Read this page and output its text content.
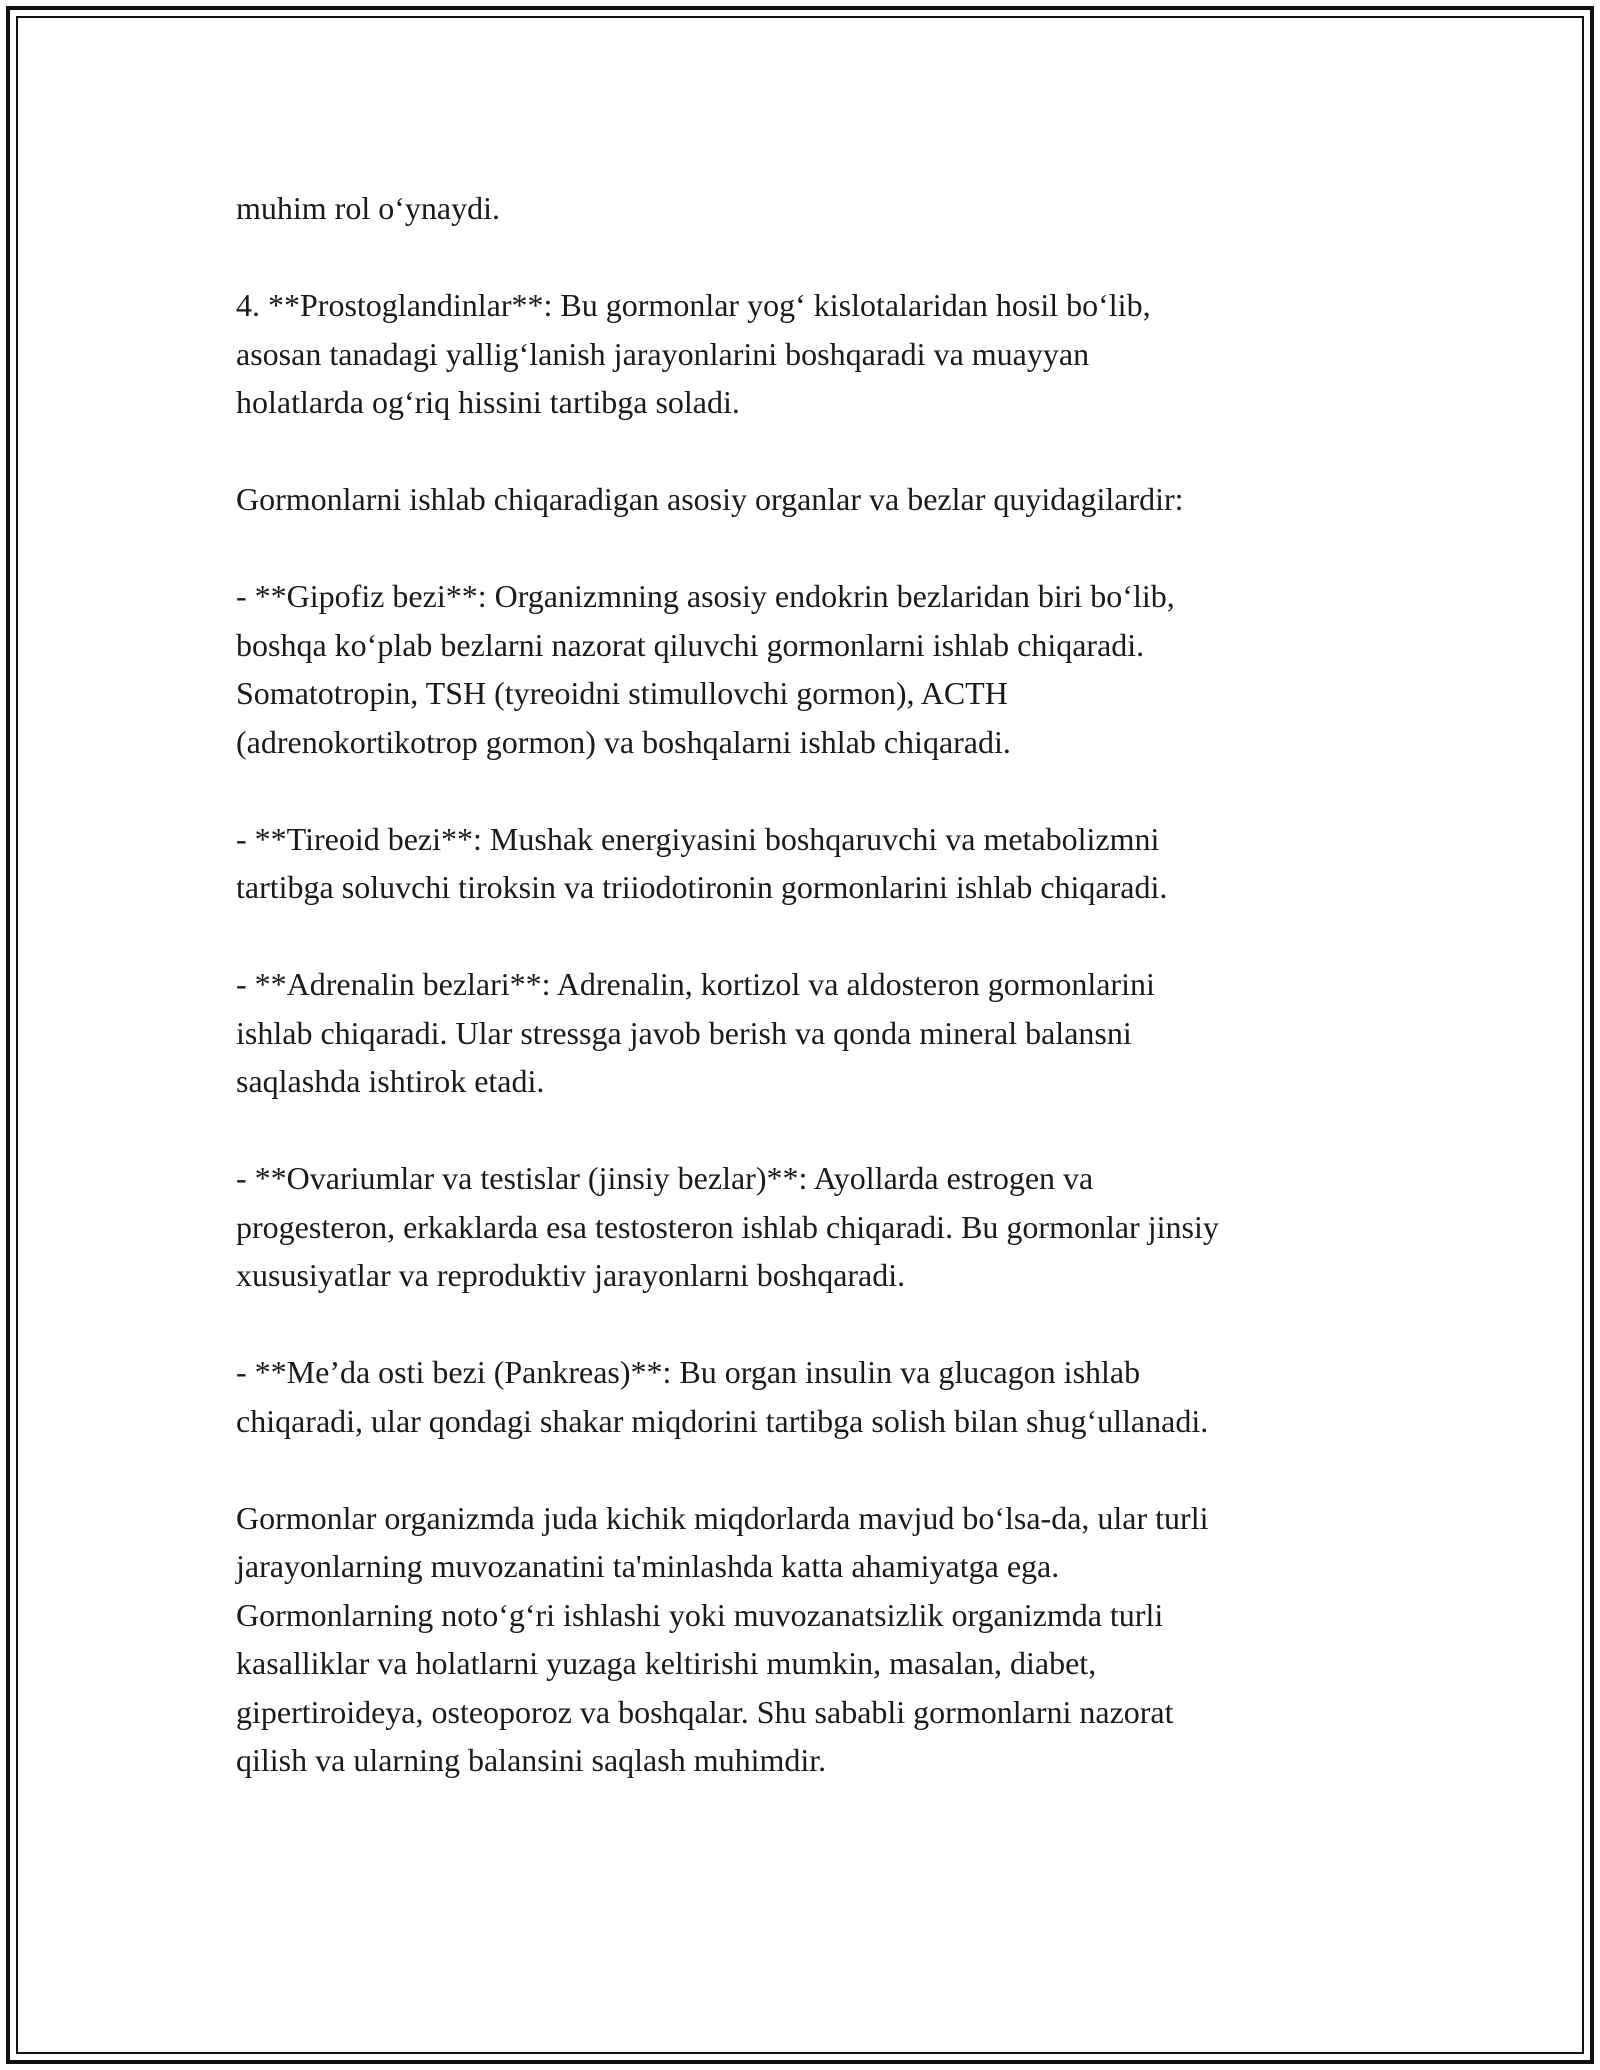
muhim rol o‘ynaydi.
4. **Prostoglandinlar**: Bu gormonlar yog‘ kislotalaridan hosil bo‘lib,
asosan tanadagi yallig‘lanish jarayonlarini boshqaradi va muayyan
holatlarda og‘riq hissini tartibga soladi.
Gormonlarni ishlab chiqaradigan asosiy organlar va bezlar quyidagilardir:
- **Gipofiz bezi**: Organizmning asosiy endokrin bezlaridan biri bo‘lib,
boshqa ko‘plab bezlarni nazorat qiluvchi gormonlarni ishlab chiqaradi.
Somatotropin, TSH (tyreoidni stimullovchi gormon), ACTH
(adrenokortikotrop gormon) va boshqalarni ishlab chiqaradi.
- **Tireoid bezi**: Mushak energiyasini boshqaruvchi va metabolizmni
tartibga soluvchi tiroksin va triiodotironin gormonlarini ishlab chiqaradi.
- **Adrenalin bezlari**: Adrenalin, kortizol va aldosteron gormonlarini
ishlab chiqaradi. Ular stressga javob berish va qonda mineral balansni
saqlashda ishtirok etadi.
- **Ovariumlar va testislar (jinsiy bezlar)**: Ayollarda estrogen va
progesteron, erkaklarda esa testosteron ishlab chiqaradi. Bu gormonlar jinsiy
xususiyatlar va reproduktiv jarayonlarni boshqaradi.
- **Me’da osti bezi (Pankreas)**: Bu organ insulin va glucagon ishlab
chiqaradi, ular qondagi shakar miqdorini tartibga solish bilan shug‘ullanadi.
Gormonlar organizmda juda kichik miqdorlarda mavjud bo‘lsa-da, ular turli
jarayonlarning muvozanatini ta'minlashda katta ahamiyatga ega.
Gormonlarning noto‘g‘ri ishlashi yoki muvozanatsizlik organizmda turli
kasalliklar va holatlarni yuzaga keltirishi mumkin, masalan, diabet,
gipertiroideya, osteoporoz va boshqalar. Shu sababli gormonlarni nazorat
qilish va ularning balansini saqlash muhimdir.
